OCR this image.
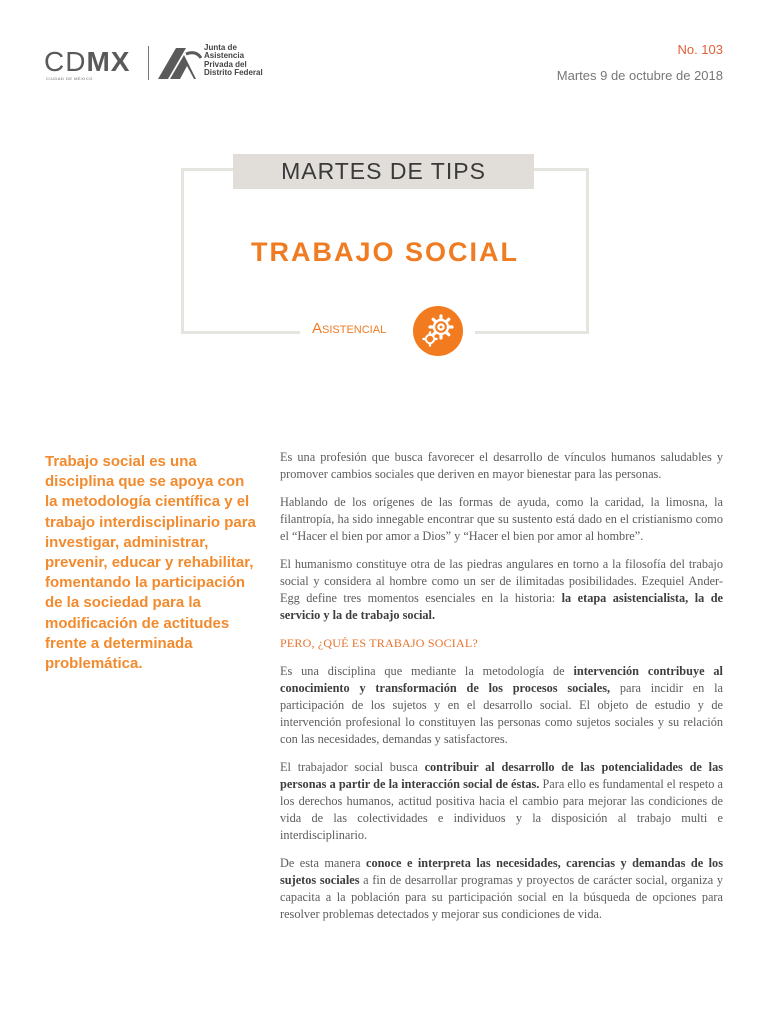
CDMX
CIUDAD DE MÉXICO
Junta de
Asistencia
Privada del
Distrito Federal
No. 103
Martes 9 de octubre de 2018
MARTES DE TIPS
TRABAJO SOCIAL
Asistencial
Trabajo social es una disciplina que se apoya con la metodología científica y el trabajo interdisciplinario para investigar, administrar, prevenir, educar y rehabilitar, fomentando la participación de la sociedad para la modificación de actitudes frente a determinada problemática.

Es una profesión que busca favorecer el desarrollo de vínculos humanos saludables y promover cambios sociales que deriven en mayor bienestar para las personas.

Hablando de los orígenes de las formas de ayuda, como la caridad, la limosna, la filantropía, ha sido innegable encontrar que su sustento está dado en el cristianismo como el “Hacer el bien por amor a Dios” y “Hacer el bien por amor al hombre”.

El humanismo constituye otra de las piedras angulares en torno a la filosofía del trabajo social y considera al hombre como un ser de ilimitadas posibilidades. Ezequiel Ander-Egg define tres momentos esenciales en la historia: la etapa asistencialista, la de servicio y la de trabajo social.

PERO, ¿QUÉ ES TRABAJO SOCIAL?

Es una disciplina que mediante la metodología de intervención contribuye al conocimiento y transformación de los procesos sociales, para incidir en la participación de los sujetos y en el desarrollo social. El objeto de estudio y de intervención profesional lo constituyen las personas como sujetos sociales y su relación con las necesidades, demandas y satisfactores.

El trabajador social busca contribuir al desarrollo de las potencialidades de las personas a partir de la interacción social de éstas. Para ello es fundamental el respeto a los derechos humanos, actitud positiva hacia el cambio para mejorar las condiciones de vida de las colectividades e individuos y la disposición al trabajo multi e interdisciplinario.

De esta manera conoce e interpreta las necesidades, carencias y demandas de los sujetos sociales a fin de desarrollar programas y proyectos de carácter social, organiza y capacita a la población para su participación social en la búsqueda de opciones para resolver problemas detectados y mejorar sus condiciones de vida.
